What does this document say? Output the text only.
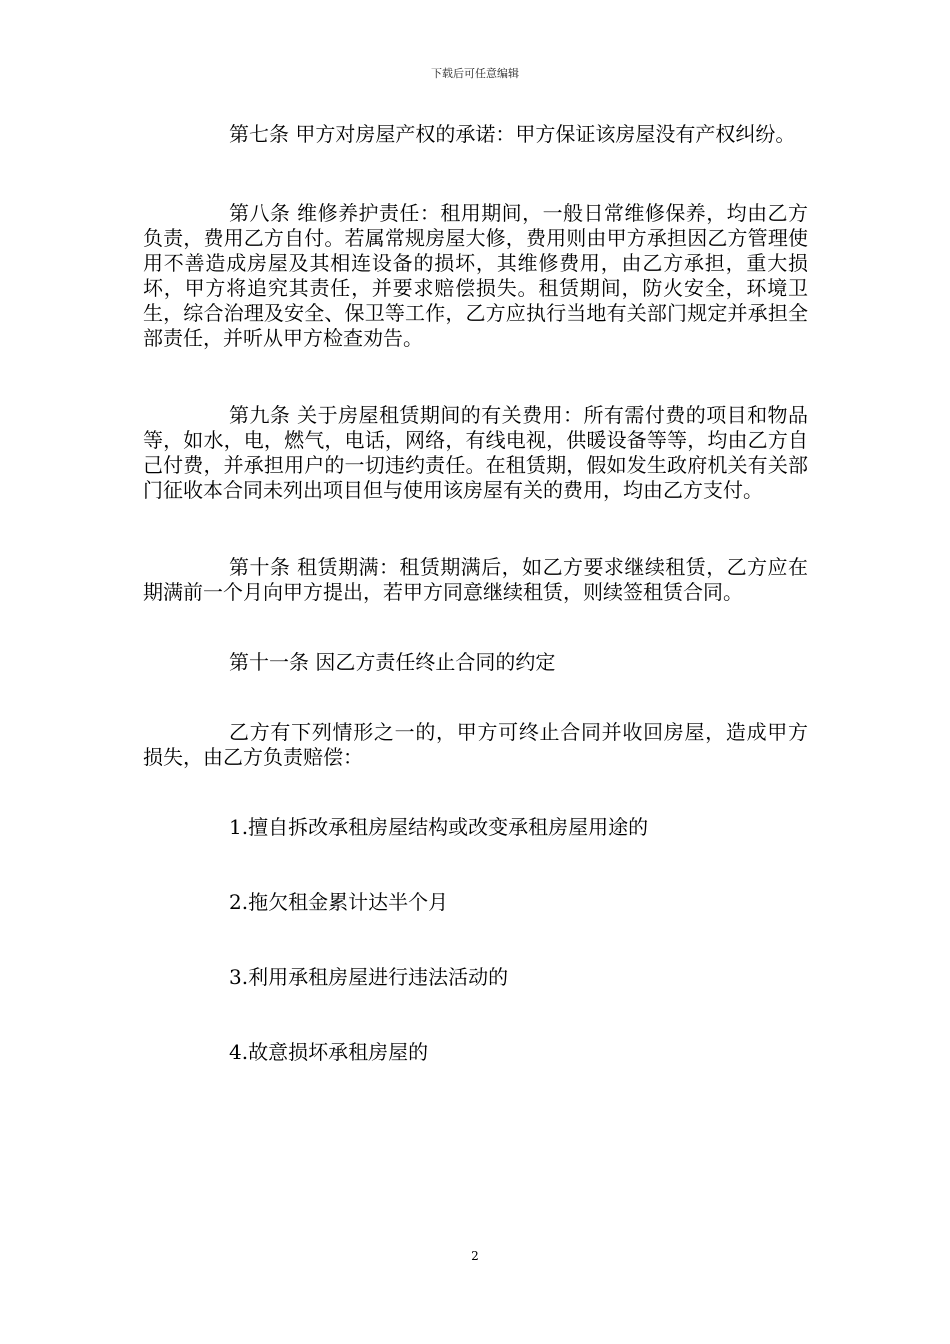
下载后可任意编辑

第七条 甲方对房屋产权的承诺：甲方保证该房屋没有产权纠纷。

第八条 维修养护责任：租用期间，一般日常维修保养，均由乙方负责，费用乙方自付。若属常规房屋大修，费用则由甲方承担因乙方管理使用不善造成房屋及其相连设备的损坏，其维修费用，由乙方承担，重大损坏，甲方将追究其责任，并要求赔偿损失。租赁期间，防火安全，环境卫生，综合治理及安全、保卫等工作，乙方应执行当地有关部门规定并承担全部责任，并听从甲方检查劝告。

第九条 关于房屋租赁期间的有关费用：所有需付费的项目和物品等，如水，电，燃气，电话，网络，有线电视，供暖设备等等，均由乙方自己付费，并承担用户的一切违约责任。在租赁期，假如发生政府机关有关部门征收本合同未列出项目但与使用该房屋有关的费用，均由乙方支付。

第十条 租赁期满：租赁期满后，如乙方要求继续租赁，乙方应在期满前一个月向甲方提出，若甲方同意继续租赁，则续签租赁合同。

第十一条 因乙方责任终止合同的约定

乙方有下列情形之一的，甲方可终止合同并收回房屋，造成甲方损失，由乙方负责赔偿：

1.擅自拆改承租房屋结构或改变承租房屋用途的

2.拖欠租金累计达半个月

3.利用承租房屋进行违法活动的

4.故意损坏承租房屋的

2
